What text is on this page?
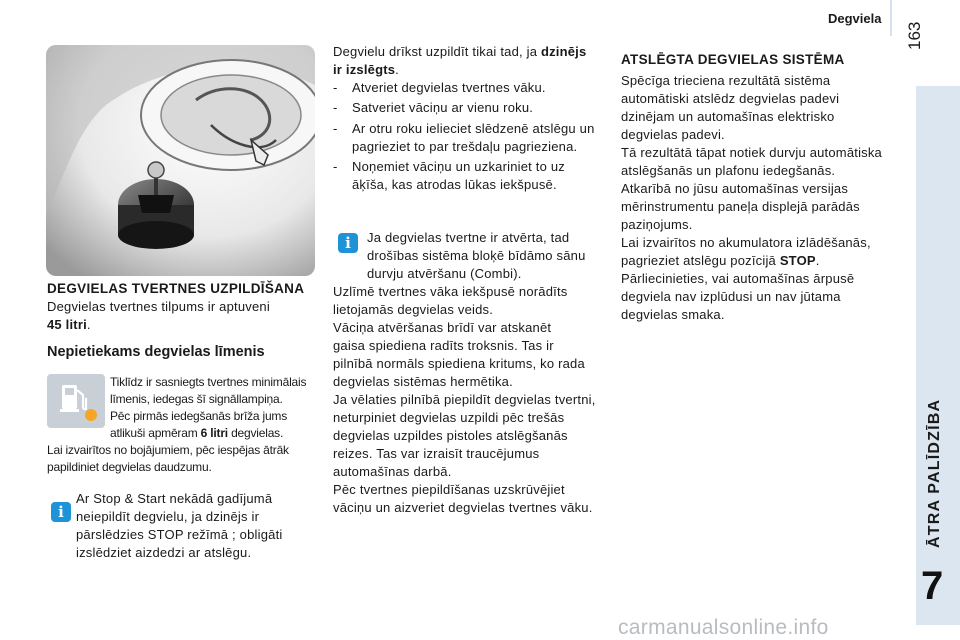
Degviela
163
ĀTRA PALĪDZĪBA
7
DEGVIELAS TVERTNES UZPILDĪŠANA
Degvielas tvertnes tilpums ir aptuveni
45 litri.
Nepietiekams degvielas līmenis
Tiklīdz ir sasniegts tvertnes minimālais
līmenis, iedegas šī signāllampiņa.
Pēc pirmās iedegšanās brīža jums
atlikuši apmēram 6 litri degvielas.
Lai izvairītos no bojājumiem, pēc iespējas ātrāk
papildiniet degvielas daudzumu.
i
Ar Stop & Start nekādā gadījumā
neiepildīt degvielu, ja dzinējs ir
pārslēdzies STOP režīmā ; obligāti
izslēdziet aizdedzi ar atslēgu.
Degvielu drīkst uzpildīt tikai tad, ja dzinējs
ir izslēgts.
- Atveriet degvielas tvertnes vāku.
- Satveriet vāciņu ar vienu roku.
- Ar otru roku ielieciet slēdzenē atslēgu un
pagrieziet to par trešdaļu pagrieziena.
- Noņemiet vāciņu un uzkariniet to uz
āķīša, kas atrodas lūkas iekšpusē.
i	Ja degvielas tvertne ir atvērta, tad
drošības sistēma bloķē bīdāmo sānu
durvju atvēršanu (Combi).
Uzlīmē tvertnes vāka iekšpusē norādīts
lietojamās degvielas veids.
Vāciņa atvēršanas brīdī var atskanēt
gaisa spiediena radīts troksnis. Tas ir
pilnībā normāls spiediena kritums, ko rada
degvielas sistēmas hermētika.
Ja vēlaties pilnībā piepildīt degvielas tvertni,
neturpiniet degvielas uzpildi pēc trešās
degvielas uzpildes pistoles atslēgšanās
reizes. Tas var izraisīt traucējumus
automašīnas darbā.
Pēc tvertnes piepildīšanas uzskrūvējiet
vāciņu un aizveriet degvielas tvertnes vāku.
ATSLĒGTA DEGVIELAS SISTĒMA
Spēcīga trieciena rezultātā sistēma
automātiski atslēdz degvielas padevi
dzinējam un automašīnas elektrisko
degvielas padevi.
Tā rezultātā tāpat notiek durvju automātiska
atslēgšanās un plafonu iedegšanās.
Atkarībā no jūsu automašīnas versijas
mērinstrumentu paneļa displejā parādās
paziņojums.
Lai izvairītos no akumulatora izlādēšanās,
pagrieziet atslēgu pozīcijā STOP.
Pārliecinieties, vai automašīnas ārpusē
degviela nav izplūdusi un nav jūtama
degvielas smaka.
carmanualsonline.info
